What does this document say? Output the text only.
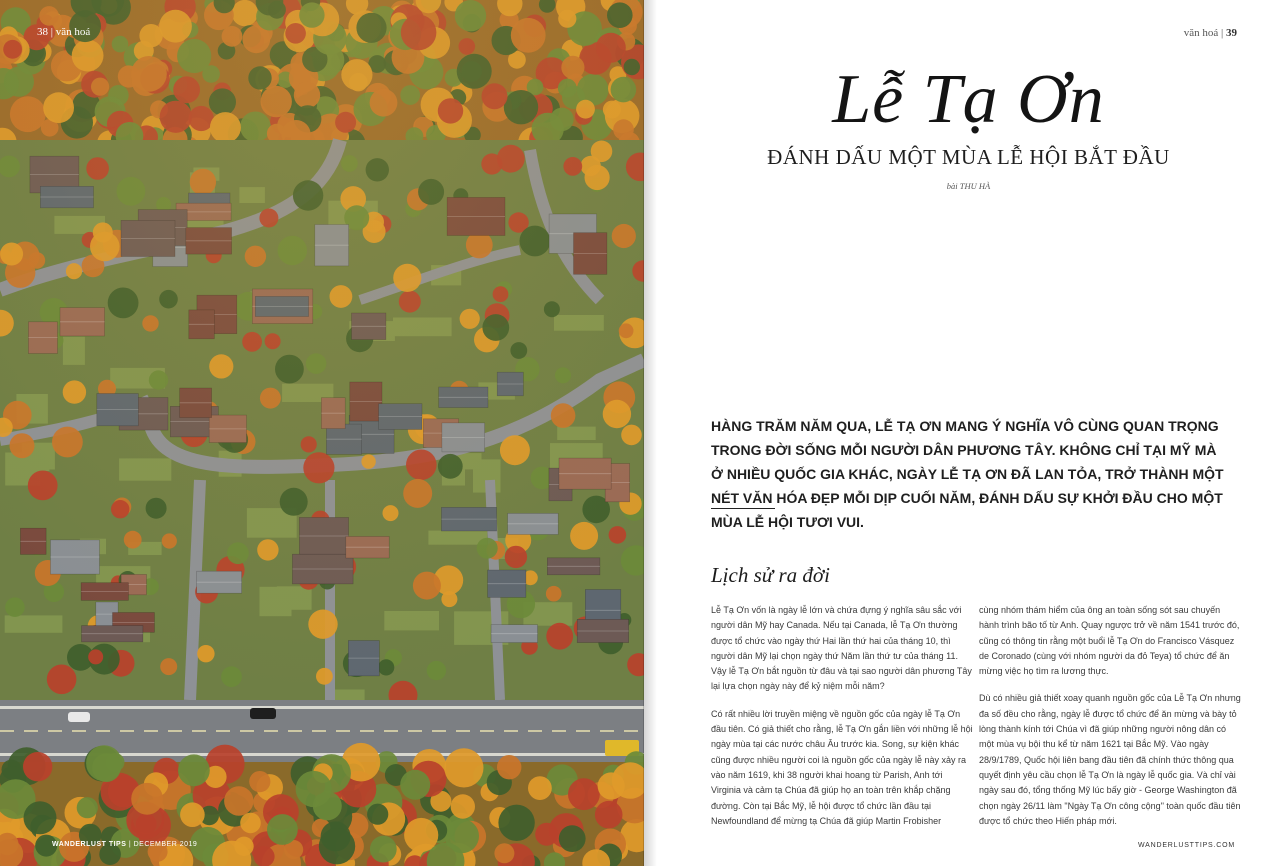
38 | văn hoá
WANDERLUST TIPS | DECEMBER 2019
văn hoá | 39
Lễ Tạ Ơn
ĐÁNH DẤU MỘT MÙA LỄ HỘI BẮT ĐẦU
bài THU HÀ
HÀNG TRĂM NĂM QUA, LỄ TẠ ƠN MANG Ý NGHĨA VÔ CÙNG QUAN TRỌNG TRONG ĐỜI SỐNG MỖI NGƯỜI DÂN PHƯƠNG TÂY. KHÔNG CHỈ TẠI MỸ MÀ Ở NHIỀU QUỐC GIA KHÁC, NGÀY LỄ TẠ ƠN ĐÃ LAN TỎA, TRỞ THÀNH MỘT NÉT VĂN HÓA ĐẸP MỖI DỊP CUỐI NĂM, ĐÁNH DẤU SỰ KHỞI ĐẦU CHO MỘT MÙA LỄ HỘI TƯƠI VUI.
Lịch sử ra đời

Lễ Tạ Ơn vốn là ngày lễ lớn và chứa đựng ý nghĩa sâu sắc với người dân Mỹ hay Canada. Nếu tại Canada, lễ Tạ Ơn thường được tổ chức vào ngày thứ Hai lần thứ hai của tháng 10, thì người dân Mỹ lại chọn ngày thứ Năm lần thứ tư của tháng 11. Vậy lễ Tạ Ơn bắt nguồn từ đâu và tại sao người dân phương Tây lại lựa chọn ngày này để kỷ niệm mỗi năm?

Có rất nhiều lời truyền miệng về nguồn gốc của ngày lễ Tạ Ơn đầu tiên. Có giả thiết cho rằng, lễ Tạ Ơn gắn liền với những lễ hội ngày mùa tại các nước châu Âu trước kia. Song, sự kiện khác cũng được nhiều người coi là nguồn gốc của ngày lễ này xảy ra vào năm 1619, khi 38 người khai hoang từ Parish, Anh tới Virginia và cảm tạ Chúa đã giúp họ an toàn trên khắp chặng đường. Còn tại Bắc Mỹ, lễ hội được tổ chức lần đầu tại Newfoundland để mừng tạ Chúa đã giúp Martin Frobisher

cùng nhóm thám hiểm của ông an toàn sống sót sau chuyến hành trình bão tố từ Anh. Quay ngược trở về năm 1541 trước đó, cũng có thông tin rằng một buổi lễ Tạ Ơn do Francisco Vásquez de Coronado (cùng với nhóm người da đỏ Teya) tổ chức để ăn mừng việc họ tìm ra lương thực.

Dù có nhiều giả thiết xoay quanh nguồn gốc của Lễ Tạ Ơn nhưng đa số đều cho rằng, ngày lễ được tổ chức để ăn mừng và bày tỏ lòng thành kính tới Chúa vì đã giúp những người nông dân có một mùa vụ bội thu kể từ năm 1621 tại Bắc Mỹ. Vào ngày 28/9/1789, Quốc hội liên bang đầu tiên đã chính thức thông qua quyết định yêu cầu chọn lễ Tạ Ơn là ngày lễ quốc gia. Và chỉ vài ngày sau đó, tổng thống Mỹ lúc bấy giờ - George Washington đã chọn ngày 26/11 làm "Ngày Tạ Ơn công cộng" toàn quốc đầu tiên được tổ chức theo Hiến pháp mới.

WANDERLUSTTIPS.COM
